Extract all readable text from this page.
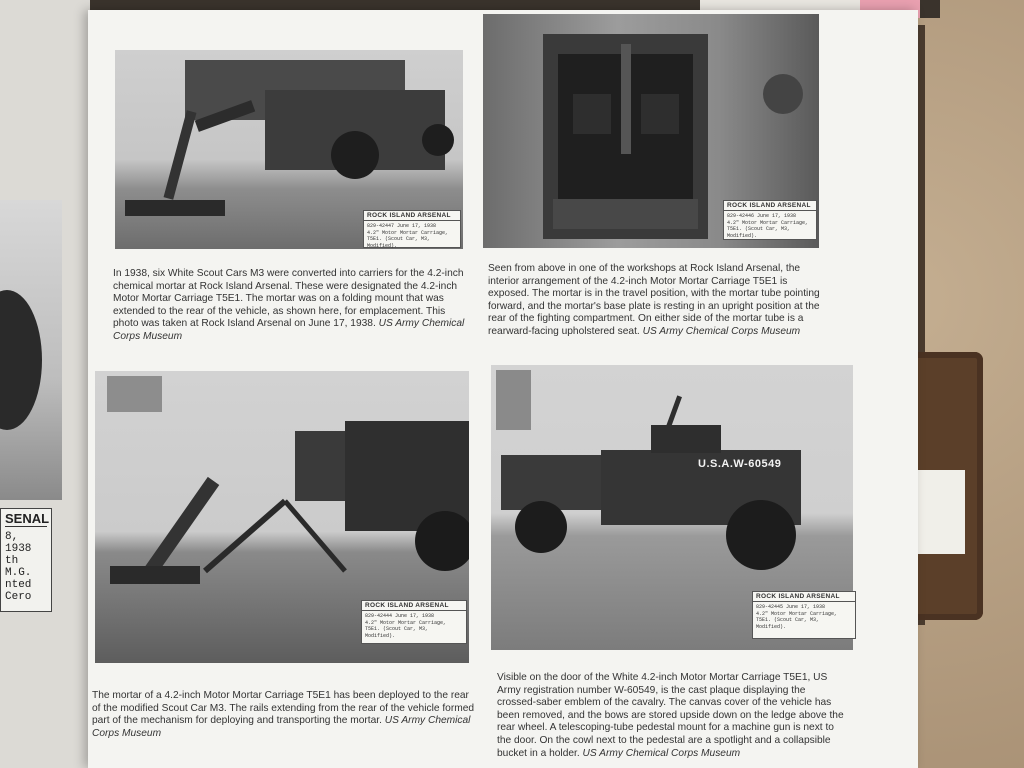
SENAL
8, 1938
th M.G.
nted
Cero
ROCK ISLAND ARSENAL
829-42447 June 17, 1938
4.2" Motor Mortar Carriage,
T5E1. (Scout Car, M3,
Modified).
ROCK ISLAND ARSENAL
829-42446 June 17, 1938
4.2" Motor Mortar Carriage,
T5E1. (Scout Car, M3,
Modified).
In 1938, six White Scout Cars M3 were converted into carriers for the 4.2-inch chemical mortar at Rock Island Arsenal. These were designated the 4.2-inch Motor Mortar Carriage T5E1. The mortar was on a folding mount that was extended to the rear of the vehicle, as shown here, for emplacement. This photo was taken at Rock Island Arsenal on June 17, 1938. US Army Chemical Corps Museum
Seen from above in one of the workshops at Rock Island Arsenal, the interior arrangement of the 4.2-inch Motor Mortar Carriage T5E1 is exposed. The mortar is in the travel position, with the mortar tube pointing forward, and the mortar's base plate is resting in an upright position at the rear of the fighting compartment. On either side of the mortar tube is a rearward-facing upholstered seat. US Army Chemical Corps Museum
ROCK ISLAND ARSENAL
829-42444 June 17, 1938
4.2" Motor Mortar Carriage,
T5E1. (Scout Car, M3,
Modified).
U.S.A.W-60549
ROCK ISLAND ARSENAL
829-42445 June 17, 1938
4.2" Motor Mortar Carriage,
T5E1. (Scout Car, M3,
Modified).
The mortar of a 4.2-inch Motor Mortar Carriage T5E1 has been deployed to the rear of the modified Scout Car M3. The rails extending from the rear of the vehicle formed part of the mechanism for deploying and transporting the mortar. US Army Chemical Corps Museum
Visible on the door of the White 4.2-inch Motor Mortar Carriage T5E1, US Army registration number W-60549, is the cast plaque displaying the crossed-saber emblem of the cavalry. The canvas cover of the vehicle has been removed, and the bows are stored upside down on the ledge above the rear wheel. A telescoping-tube pedestal mount for a machine gun is next to the door. On the cowl next to the pedestal are a spotlight and a collapsible bucket in a holder. US Army Chemical Corps Museum
